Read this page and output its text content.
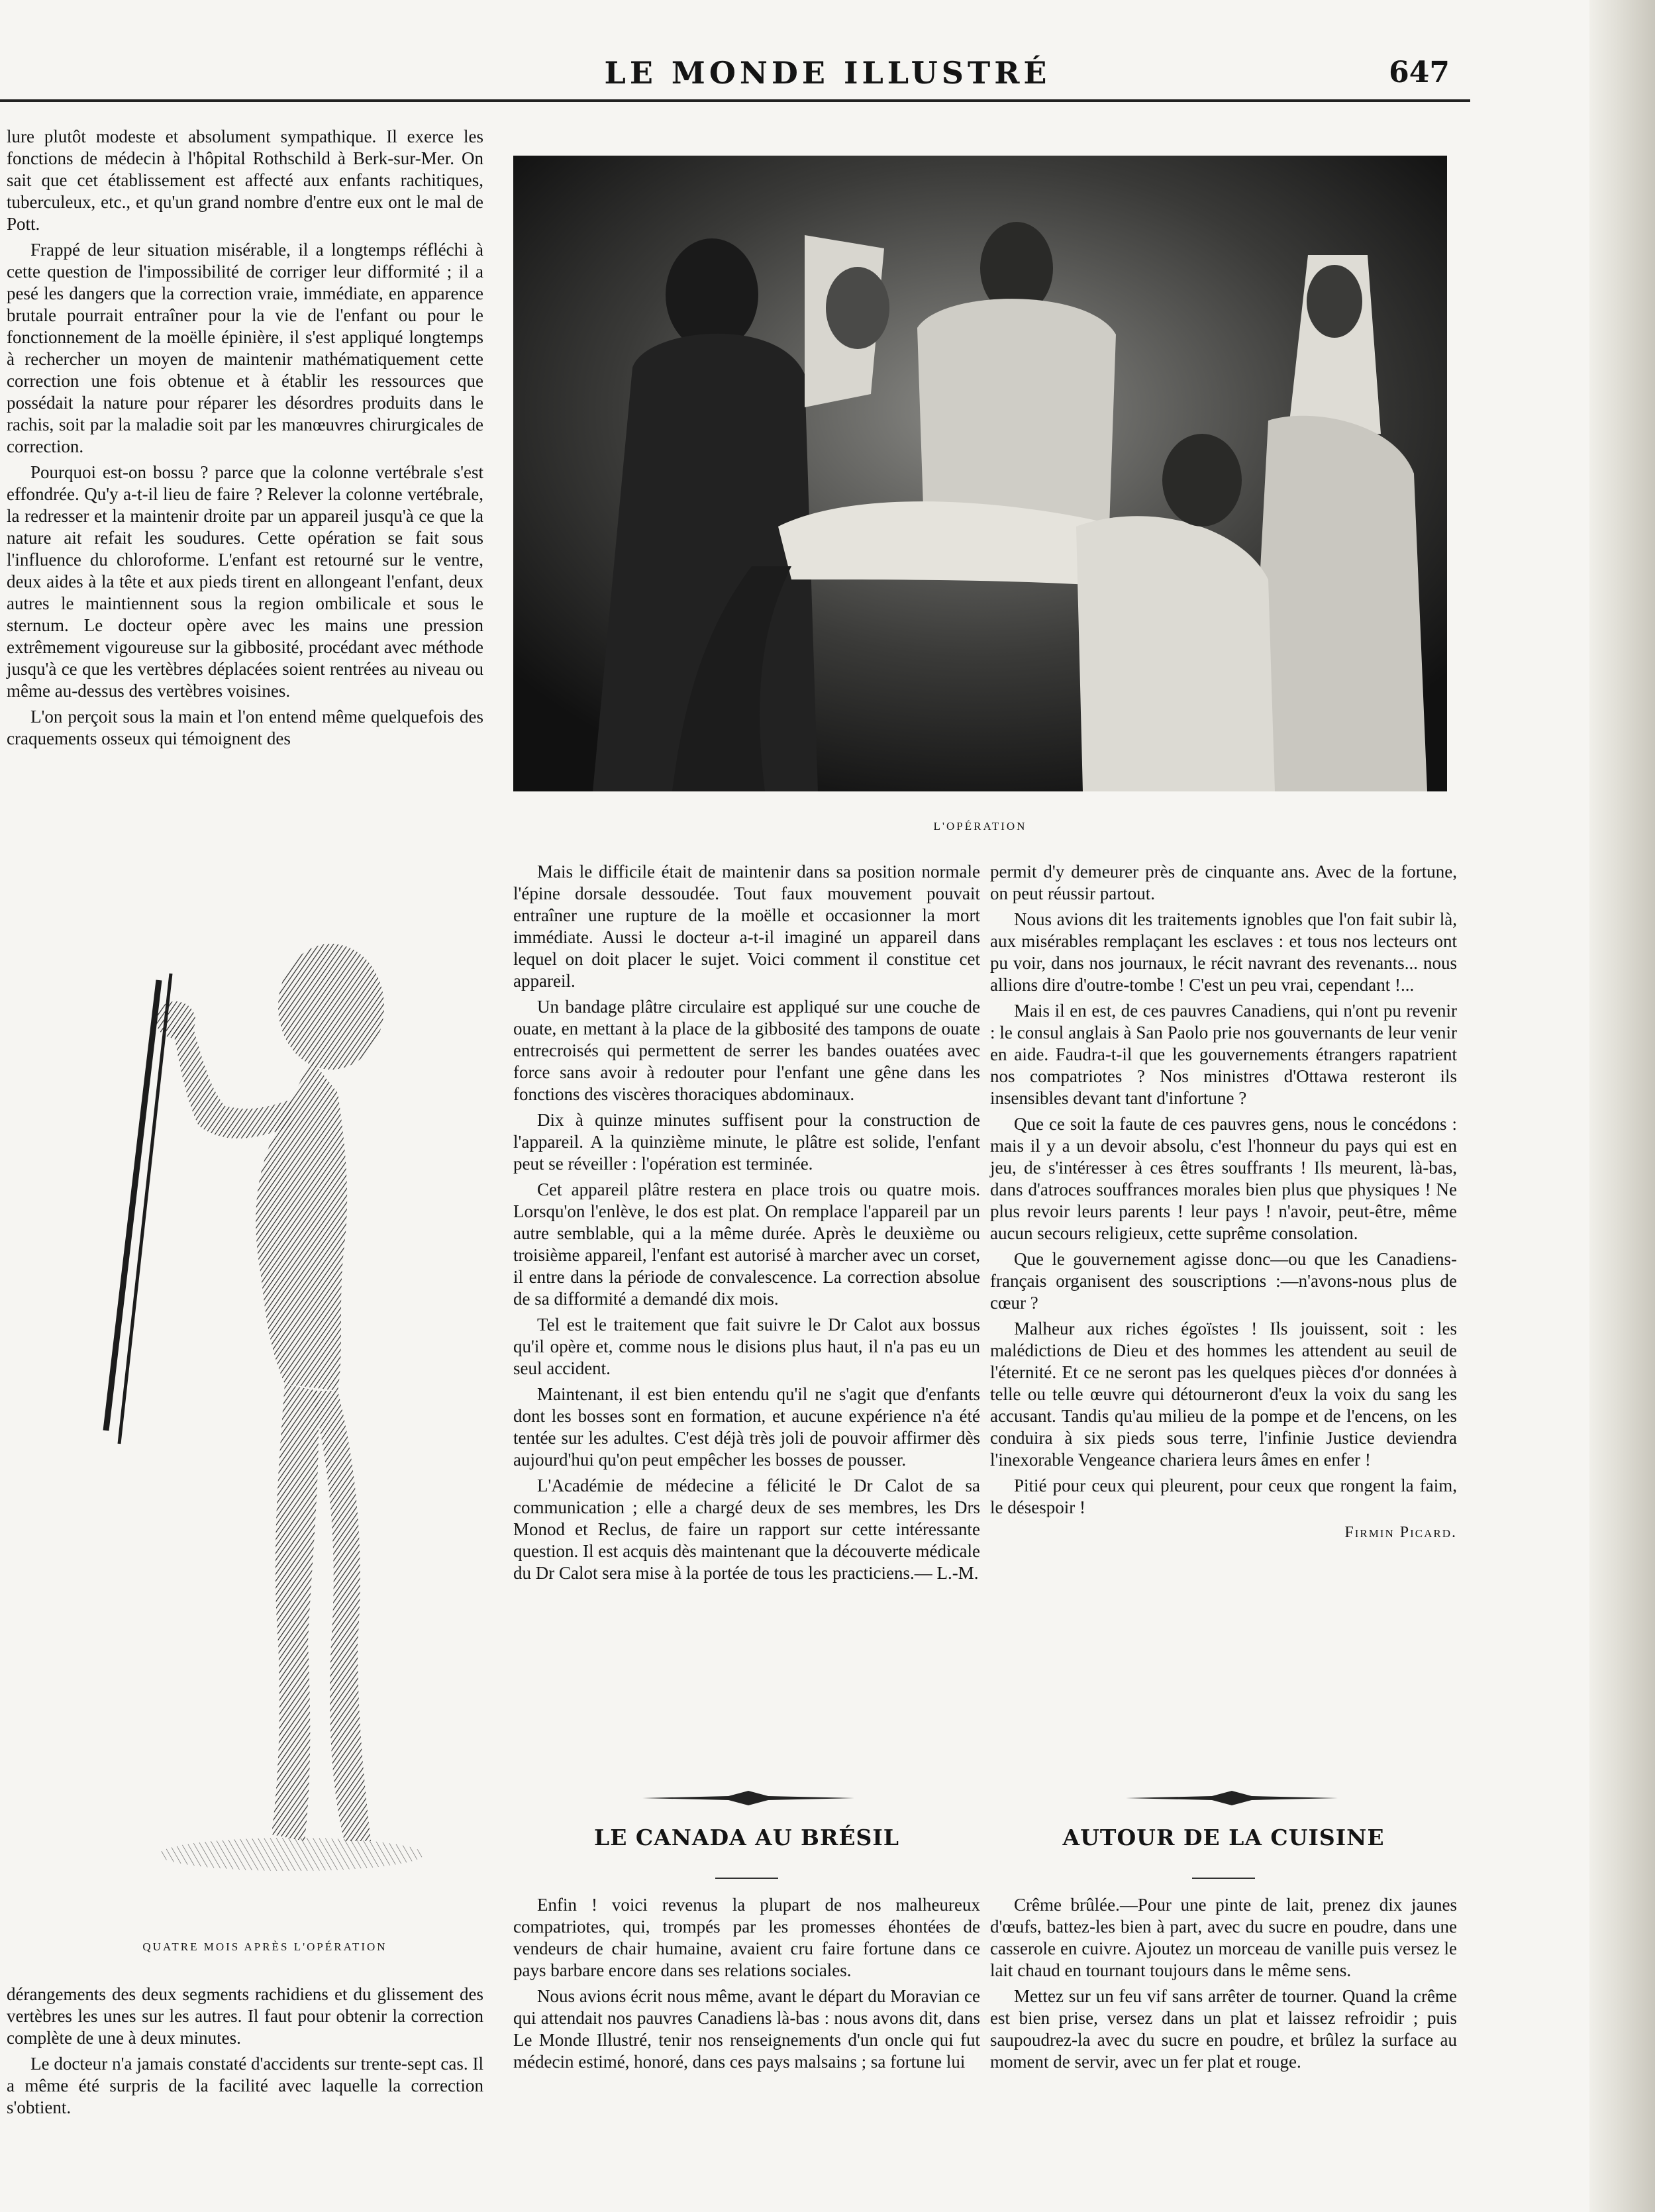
LE MONDE ILLUSTRÉ	647

lure plutôt modeste et absolument sympathique. Il exerce les fonctions de médecin à l'hôpital Rothschild à Berk-sur-Mer. On sait que cet établissement est affecté aux enfants rachitiques, tuberculeux, etc., et qu'un grand nombre d'entre eux ont le mal de Pott.

Frappé de leur situation misérable, il a longtemps réfléchi à cette question de l'impossibilité de corriger leur difformité ; il a pesé les dangers que la correction vraie, immédiate, en apparence brutale pourrait entraîner pour la vie de l'enfant ou pour le fonctionnement de la moëlle épinière, il s'est appliqué longtemps à rechercher un moyen de maintenir mathématiquement cette correction une fois obtenue et à établir les ressources que possédait la nature pour réparer les désordres produits dans le rachis, soit par la maladie soit par les manœuvres chirurgicales de correction.

Pourquoi est-on bossu ? parce que la colonne vertébrale s'est effondrée. Qu'y a-t-il lieu de faire ? Relever la colonne vertébrale, la redresser et la maintenir droite par un appareil jusqu'à ce que la nature ait refait les soudures. Cette opération se fait sous l'influence du chloroforme. L'enfant est retourné sur le ventre, deux aides à la tête et aux pieds tirent en allongeant l'enfant, deux autres le maintiennent sous la region ombilicale et sous le sternum. Le docteur opère avec les mains une pression extrêmement vigoureuse sur la gibbosité, procédant avec méthode jusqu'à ce que les vertèbres déplacées soient rentrées au niveau ou même au-dessus des vertèbres voisines.

L'on perçoit sous la main et l'on entend même quelquefois des craquements osseux qui témoignent des

QUATRE MOIS APRÈS L'OPÉRATION

dérangements des deux segments rachidiens et du glissement des vertèbres les unes sur les autres. Il faut pour obtenir la correction complète de une à deux minutes.

Le docteur n'a jamais constaté d'accidents sur trente-sept cas. Il a même été surpris de la facilité avec laquelle la correction s'obtient.

L'OPÉRATION

Mais le difficile était de maintenir dans sa position normale l'épine dorsale dessoudée. Tout faux mouvement pouvait entraîner une rupture de la moëlle et occasionner la mort immédiate. Aussi le docteur a-t-il imaginé un appareil dans lequel on doit placer le sujet. Voici comment il constitue cet appareil.

Un bandage plâtre circulaire est appliqué sur une couche de ouate, en mettant à la place de la gibbosité des tampons de ouate entrecroisés qui permettent de serrer les bandes ouatées avec force sans avoir à redouter pour l'enfant une gêne dans les fonctions des viscères thoraciques abdominaux.

Dix à quinze minutes suffisent pour la construction de l'appareil. A la quinzième minute, le plâtre est solide, l'enfant peut se réveiller : l'opération est terminée.

Cet appareil plâtre restera en place trois ou quatre mois. Lorsqu'on l'enlève, le dos est plat. On remplace l'appareil par un autre semblable, qui a la même durée. Après le deuxième ou troisième appareil, l'enfant est autorisé à marcher avec un corset, il entre dans la période de convalescence. La correction absolue de sa difformité a demandé dix mois.

Tel est le traitement que fait suivre le Dr Calot aux bossus qu'il opère et, comme nous le disions plus haut, il n'a pas eu un seul accident.

Maintenant, il est bien entendu qu'il ne s'agit que d'enfants dont les bosses sont en formation, et aucune expérience n'a été tentée sur les adultes. C'est déjà très joli de pouvoir affirmer dès aujourd'hui qu'on peut empêcher les bosses de pousser.

L'Académie de médecine a félicité le Dr Calot de sa communication ; elle a chargé deux de ses membres, les Drs Monod et Reclus, de faire un rapport sur cette intéressante question. Il est acquis dès maintenant que la découverte médicale du Dr Calot sera mise à la portée de tous les practiciens.— L.-M.

permit d'y demeurer près de cinquante ans. Avec de la fortune, on peut réussir partout.

Nous avions dit les traitements ignobles que l'on fait subir là, aux misérables remplaçant les esclaves : et tous nos lecteurs ont pu voir, dans nos journaux, le récit navrant des revenants... nous allions dire d'outre-tombe ! C'est un peu vrai, cependant !...

Mais il en est, de ces pauvres Canadiens, qui n'ont pu revenir : le consul anglais à San Paolo prie nos gouvernants de leur venir en aide. Faudra-t-il que les gouvernements étrangers rapatrient nos compatriotes ? Nos ministres d'Ottawa resteront ils insensibles devant tant d'infortune ?

Que ce soit la faute de ces pauvres gens, nous le concédons : mais il y a un devoir absolu, c'est l'honneur du pays qui est en jeu, de s'intéresser à ces êtres souffrants ! Ils meurent, là-bas, dans d'atroces souffrances morales bien plus que physiques ! Ne plus revoir leurs parents ! leur pays ! n'avoir, peut-être, même aucun secours religieux, cette suprême consolation.

Que le gouvernement agisse donc—ou que les Canadiens-français organisent des souscriptions :—n'avons-nous plus de cœur ?

Malheur aux riches égoïstes ! Ils jouissent, soit : les malédictions de Dieu et des hommes les attendent au seuil de l'éternité. Et ce ne seront pas les quelques pièces d'or données à telle ou telle œuvre qui détourneront d'eux la voix du sang les accusant. Tandis qu'au milieu de la pompe et de l'encens, on les conduira à six pieds sous terre, l'infinie Justice deviendra l'inexorable Vengeance chariera leurs âmes en enfer !

Pitié pour ceux qui pleurent, pour ceux que rongent la faim, le désespoir !

Firmin Picard.
LE CANADA AU BRÉSIL

Enfin ! voici revenus la plupart de nos malheureux compatriotes, qui, trompés par les promesses éhontées de vendeurs de chair humaine, avaient cru faire fortune dans ce pays barbare encore dans ses relations sociales.

Nous avions écrit nous même, avant le départ du Moravian ce qui attendait nos pauvres Canadiens là-bas : nous avons dit, dans Le Monde Illustré, tenir nos renseignements d'un oncle qui fut médecin estimé, honoré, dans ces pays malsains ; sa fortune lui

AUTOUR DE LA CUISINE

Crême brûlée.—Pour une pinte de lait, prenez dix jaunes d'œufs, battez-les bien à part, avec du sucre en poudre, dans une casserole en cuivre. Ajoutez un morceau de vanille puis versez le lait chaud en tournant toujours dans le même sens.

Mettez sur un feu vif sans arrêter de tourner. Quand la crême est bien prise, versez dans un plat et laissez refroidir ; puis saupoudrez-la avec du sucre en poudre, et brûlez la surface au moment de servir, avec un fer plat et rouge.
